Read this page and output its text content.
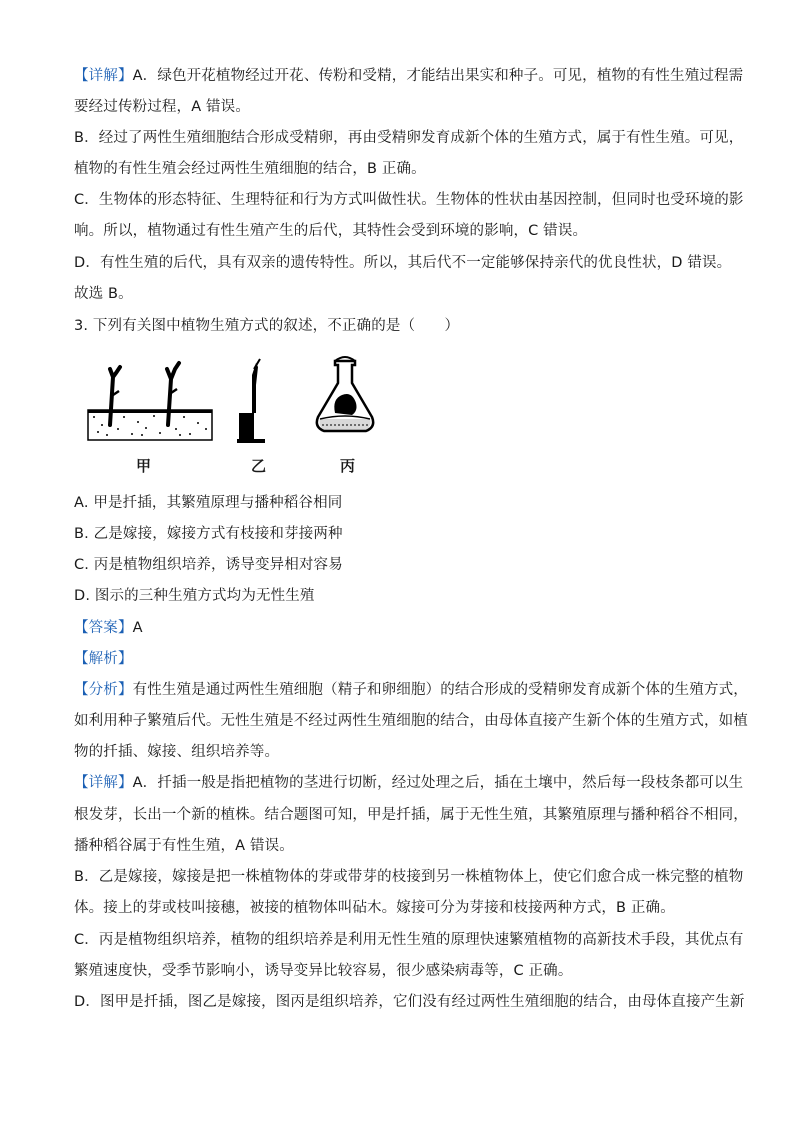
【详解】A．绿色开花植物经过开花、传粉和受精，才能结出果实和种子。可见，植物的有性生殖过程需
要经过传粉过程，A 错误。
B．经过了两性生殖细胞结合形成受精卵，再由受精卵发育成新个体的生殖方式，属于有性生殖。可见，
植物的有性生殖会经过两性生殖细胞的结合，B 正确。
C．生物体的形态特征、生理特征和行为方式叫做性状。生物体的性状由基因控制，但同时也受环境的影
响。所以，植物通过有性生殖产生的后代，其特性会受到环境的影响，C 错误。
D．有性生殖的后代，具有双亲的遗传特性。所以，其后代不一定能够保持亲代的优良性状，D 错误。
故选 B。
3. 下列有关图中植物生殖方式的叙述，不正确的是（　　）
甲	乙	丙
A. 甲是扦插，其繁殖原理与播种稻谷相同
B. 乙是嫁接，嫁接方式有枝接和芽接两种
C. 丙是植物组织培养，诱导变异相对容易
D. 图示的三种生殖方式均为无性生殖
【答案】A
【解析】
【分析】有性生殖是通过两性生殖细胞（精子和卵细胞）的结合形成的受精卵发育成新个体的生殖方式，
如利用种子繁殖后代。无性生殖是不经过两性生殖细胞的结合，由母体直接产生新个体的生殖方式，如植
物的扦插、嫁接、组织培养等。
【详解】A．扦插一般是指把植物的茎进行切断，经过处理之后，插在土壤中，然后每一段枝条都可以生
根发芽，长出一个新的植株。结合题图可知，甲是扦插，属于无性生殖，其繁殖原理与播种稻谷不相同，
播种稻谷属于有性生殖，A 错误。
B．乙是嫁接，嫁接是把一株植物体的芽或带芽的枝接到另一株植物体上，使它们愈合成一株完整的植物
体。接上的芽或枝叫接穗，被接的植物体叫砧木。嫁接可分为芽接和枝接两种方式，B 正确。
C．丙是植物组织培养，植物的组织培养是利用无性生殖的原理快速繁殖植物的高新技术手段，其优点有
繁殖速度快，受季节影响小，诱导变异比较容易，很少感染病毒等，C 正确。
D．图甲是扦插，图乙是嫁接，图丙是组织培养，它们没有经过两性生殖细胞的结合，由母体直接产生新
